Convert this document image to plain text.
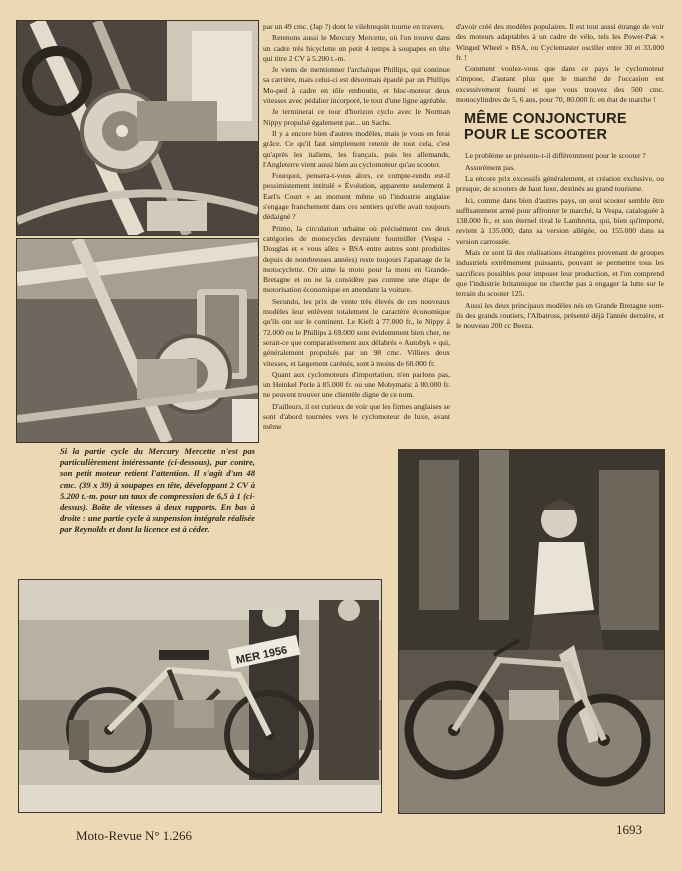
Si la partie cycle du Mercury Mercette n'est pas particulièrement intéressante (ci-dessous), par contre, son petit moteur retient l'attention. Il s'agit d'un 48 cmc. (39 x 39) à soupapes en tête, développant 2 CV à 5.200 t.-m. pour un taux de compression de 6,5 à 1 (ci-dessus). Boîte de vitesses à deux rapports. En bas à droite : une partie cycle à suspension intégrale réalisée par Reynolds et dont la licence est à céder.

par un 49 cmc. (Jap ?) dont le vilebrequin tourne en travers.

Retenons aussi le Mercury Mercette, où l'on trouve dans un cadre très bicyclette un petit 4 temps à soupapes en tête qui titre 2 CV à 5.200 t.-m.

Je viens de mentionner l'archaïque Phillips, qui continue sa carrière, mais celui-ci est désormais épaulé par un Phillips Mo-ped à cadre en tôle emboutie, et bloc-moteur deux vitesses avec pédalier incorporé, le tout d'une ligne agréable.

Je terminerai ce tour d'horizon cyclo avec le Norman Nippy propulsé également par... un Sachs.

Il y a encore bien d'autres modèles, mais je vous en ferai grâce. Ce qu'il faut simplement retenir de tout cela, c'est qu'après les italiens, les français, puis les allemands, l'Angleterre vient aussi bien au cyclomoteur qu'au scooter.

Fourquoi, pensera-t-vous alors, ce compte-rendu est-il pessimistement intitulé « Évolution, apparente seulement à Earl's Court » au moment même où l'industrie anglaise s'engage franchement dans ces sentiers qu'elle avait toujours dédaigné ?

Primo, la circulation urbaine où précisément ces deux catégories de motocycles devraient fourmiller (Vespa - Douglas et « vous allez » BSA entre autres sont produites depuis de nombreuses années) reste toujours l'apanage de la motocyclette. On aime la moto pour la moto en Grande-Bretagne et on ne la considère pas comme une étape de motorisation économique en attendant la voiture.

Secundo, les prix de vente très élevés de ces nouveaux modèles leur enlèvent totalement le caractère économique qu'ils ont sur le continent. Le Kieft à 77.000 fr., le Nippy à 72.000 ou le Phillips à 69.000 sont évidemment bien cher, ne serait-ce que comparativement aux délabrés « Autobyk » qui, généralement propulsés par un 98 cmc. Villiers deux vitesses, et largement carénés, sont à moins de 60.000 fr.

Quant aux cyclomoteurs d'importation, n'en parlons pas, un Heinkel Perle à 85.000 fr. ou une Mobymatic à 80.000 fr. ne peuvent trouver une clientèle digne de ce nom.

D'ailleurs, il est curieux de voir que les firmes anglaises se sont d'abord tournées vers le cyclomoteur de luxe, avant même

d'avoir créé des modèles populaires. Il est tout aussi étrange de voir des moteurs adaptables à un cadre de vélo, tels les Power-Pak « Winged Wheel » BSA, ou Cyclemaster osciller entre 30 et 33.000 fr. !

Comment voulez-vous que dans ce pays le cyclomoteur s'impose, d'autant plus que le marché de l'occasion est excessivement fourni et que vous trouvez des 500 cmc. monocylindres de 5, 6 ans, pour 70, 80.000 fr. en état de marche !

MÊME CONJONCTURE
POUR LE SCOOTER

Le problème se présente-t-il différemment pour le scooter ?

Assurément pas.

La encore prix excessifs généralement, et création exclusive, ou presque, de scooters de haut luxe, destinés au grand tourisme.

Ici, comme dans bien d'autres pays, un seul scooter semble être suffisamment armé pour affronter le marché, la Vespa, cataloguée à 138.000 fr., et son éternel rival le Lambretta, qui, bien qu'importé, revient à 135.000, dans sa version allégée, ou 155.000 dans sa version carrossée.

Mais ce sont là des réalisations étrangères provenant de groupes industriels extrêmement puissants, pouvant se permettre tous les sacrifices possibles pour imposer leur production, et l'on comprend que l'industrie britannique ne cherche pas à engager la lutte sur le terrain du scooter 125.

Aussi les deux principaux modèles nés en Grande Bretagne sont-ils des grands routiers, l'Albatross, présenté déjà l'année dernière, et le nouveau 200 cc Beeza.

MER 1956
Moto-Revue N° 1.266	1693
